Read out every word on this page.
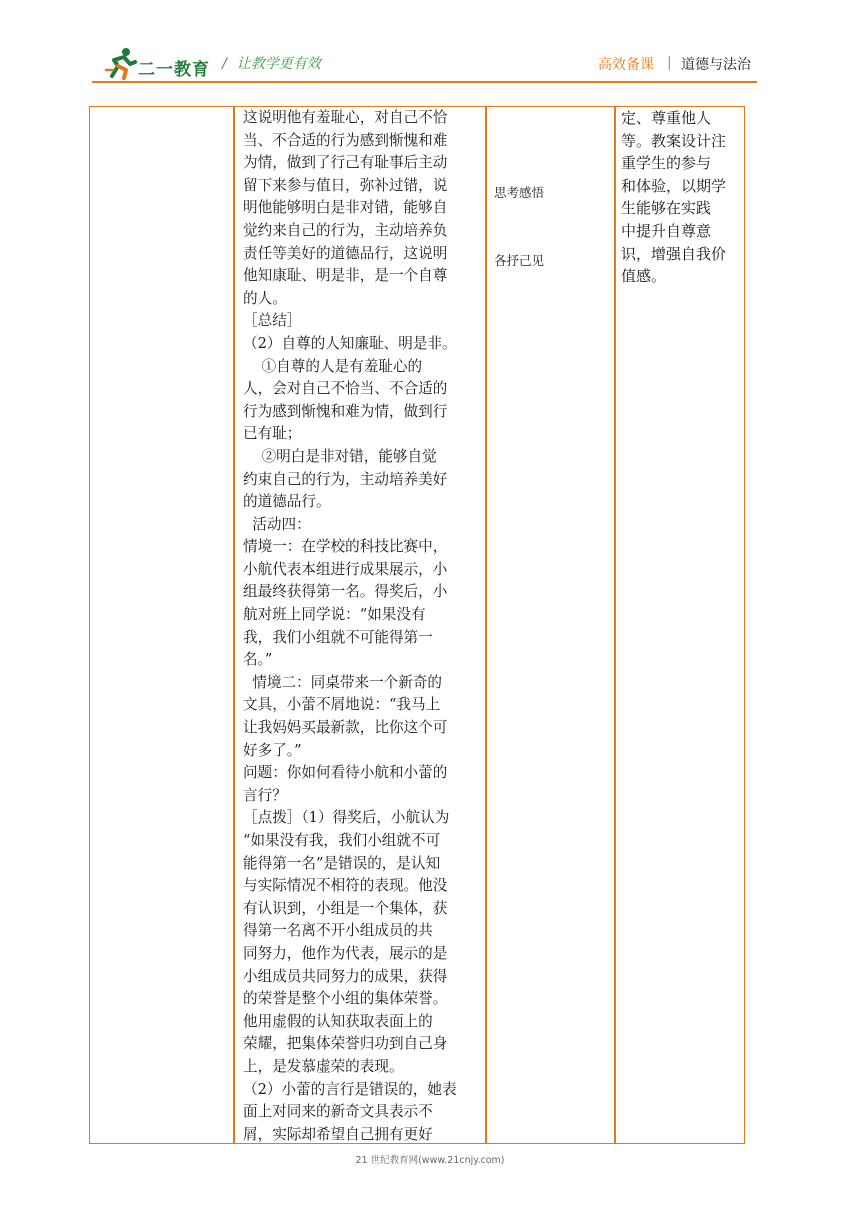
二一教育 / 让教学更有效	高效备课 | 道德与法治
这说明他有羞耻心，对自己不恰
当、不合适的行为感到惭愧和难
为情，做到了行己有耻事后主动
留下来参与值日，弥补过错，说
明他能够明白是非对错，能够自
觉约来自己的行为，主动培养负
责任等美好的道德品行，这说明
他知康耻、明是非，是一个自尊
的人。
［总结］
（2）自尊的人知廉耻、明是非。
①自尊的人是有羞耻心的
人，会对自己不恰当、不合适的
行为感到惭愧和难为情，做到行
已有耻；
②明白是非对错，能够自觉
约束自己的行为，主动培养美好
的道德品行。
活动四：
情境一：在学校的科技比赛中，
小航代表本组进行成果展示，小
组最终获得第一名。得奖后，小
航对班上同学说：“如果没有
我，我们小组就不可能得第一
名。”
情境二：同桌带来一个新奇的
文具，小蕾不屑地说：“我马上
让我妈妈买最新款，比你这个可
好多了。”
问题：你如何看待小航和小蕾的
言行？
［点拨］（1）得奖后，小航认为
“如果没有我，我们小组就不可
能得第一名”是错误的，是认知
与实际情况不相符的表现。他没
有认识到，小组是一个集体，获
得第一名离不开小组成员的共
同努力，他作为代表，展示的是
小组成员共同努力的成果，获得
的荣誉是整个小组的集体荣誉。
他用虚假的认知获取表面上的
荣耀，把集体荣誉归功到自己身
上，是发慕虚荣的表现。
（2）小蕾的言行是错误的，她表
面上对同来的新奇文具表示不
屑，实际却希望自己拥有更好
思考感悟
各抒己见
定、尊重他人
等。教案设计注
重学生的参与
和体验，以期学
生能够在实践
中提升自尊意
识，增强自我价
值感。
21 世纪教育网(www.21cnjy.com)
